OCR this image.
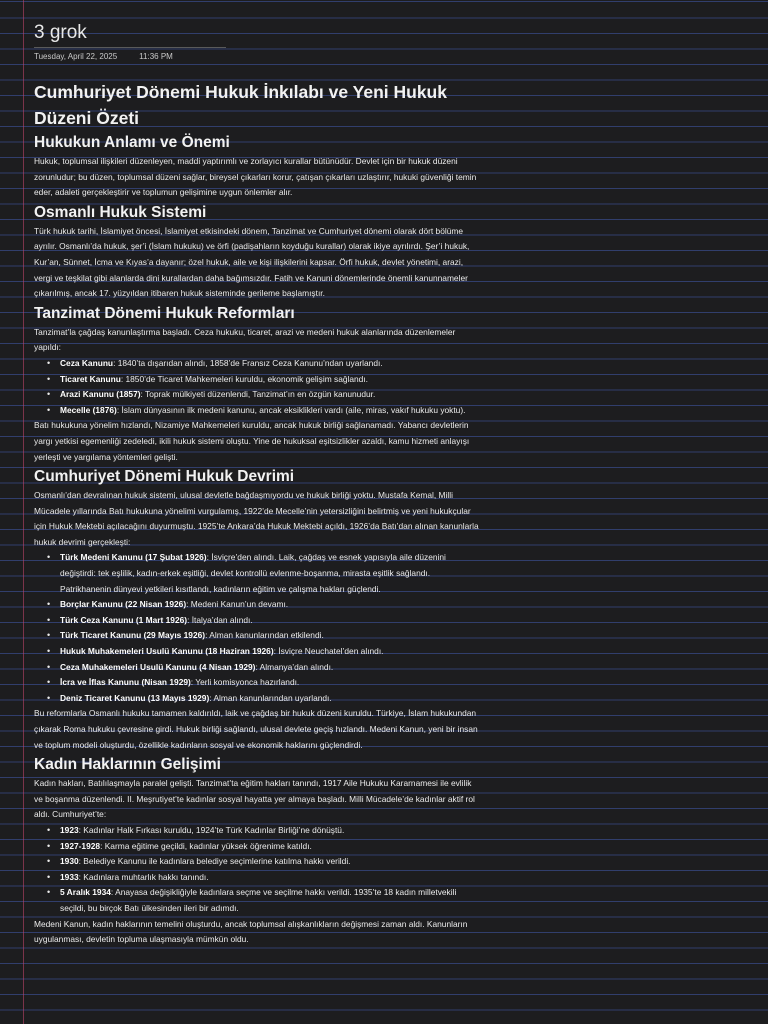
3 grok
Tuesday, April 22, 2025	11:36 PM
Cumhuriyet Dönemi Hukuk İnkılabı ve Yeni Hukuk Düzeni Özeti
Hukukun Anlamı ve Önemi

Hukuk, toplumsal ilişkileri düzenleyen, maddi yaptırımlı ve zorlayıcı kurallar bütünüdür. Devlet için bir hukuk düzeni zorunludur; bu düzen, toplumsal düzeni sağlar, bireysel çıkarları korur, çatışan çıkarları uzlaştırır, hukuki güvenliği temin eder, adaleti gerçekleştirir ve toplumun gelişimine uygun önlemler alır.

Osmanlı Hukuk Sistemi

Türk hukuk tarihi, İslamiyet öncesi, İslamiyet etkisindeki dönem, Tanzimat ve Cumhuriyet dönemi olarak dört bölüme ayrılır. Osmanlı’da hukuk, şer’i (İslam hukuku) ve örfi (padişahların koyduğu kurallar) olarak ikiye ayrılırdı. Şer’i hukuk, Kur’an, Sünnet, İcma ve Kıyas’a dayanır; özel hukuk, aile ve kişi ilişkilerini kapsar. Örfi hukuk, devlet yönetimi, arazi, vergi ve teşkilat gibi alanlarda dini kurallardan daha bağımsızdır. Fatih ve Kanuni dönemlerinde önemli kanunnameler çıkarılmış, ancak 17. yüzyıldan itibaren hukuk sisteminde gerileme başlamıştır.

Tanzimat Dönemi Hukuk Reformları

Tanzimat’la çağdaş kanunlaştırma başladı. Ceza hukuku, ticaret, arazi ve medeni hukuk alanlarında düzenlemeler yapıldı:

• Ceza Kanunu: 1840’ta dışarıdan alındı, 1858’de Fransız Ceza Kanunu’ndan uyarlandı.
• Ticaret Kanunu: 1850’de Ticaret Mahkemeleri kuruldu, ekonomik gelişim sağlandı.
• Arazi Kanunu (1857): Toprak mülkiyeti düzenlendi, Tanzimat’ın en özgün kanunudur.
• Mecelle (1876): İslam dünyasının ilk medeni kanunu, ancak eksiklikleri vardı (aile, miras, vakıf hukuku yoktu).

Batı hukukuna yönelim hızlandı, Nizamiye Mahkemeleri kuruldu, ancak hukuk birliği sağlanamadı. Yabancı devletlerin yargı yetkisi egemenliği zedeledi, ikili hukuk sistemi oluştu. Yine de hukuksal eşitsizlikler azaldı, kamu hizmeti anlayışı yerleşti ve yargılama yöntemleri gelişti.

Cumhuriyet Dönemi Hukuk Devrimi

Osmanlı’dan devralınan hukuk sistemi, ulusal devletle bağdaşmıyordu ve hukuk birliği yoktu. Mustafa Kemal, Milli Mücadele yıllarında Batı hukukuna yönelimi vurgulamış, 1922’de Mecelle’nin yetersizliğini belirtmiş ve yeni hukukçular için Hukuk Mektebi açılacağını duyurmuştu. 1925’te Ankara’da Hukuk Mektebi açıldı, 1926’da Batı’dan alınan kanunlarla hukuk devrimi gerçekleşti:

• Türk Medeni Kanunu (17 Şubat 1926): İsviçre’den alındı. Laik, çağdaş ve esnek yapısıyla aile düzenini değiştirdi: tek eşlilik, kadın-erkek eşitliği, devlet kontrollü evlenme-boşanma, mirasta eşitlik sağlandı. Patrikhanenin dünyevi yetkileri kısıtlandı, kadınların eğitim ve çalışma hakları güçlendi.
• Borçlar Kanunu (22 Nisan 1926): Medeni Kanun’un devamı.
• Türk Ceza Kanunu (1 Mart 1926): İtalya’dan alındı.
• Türk Ticaret Kanunu (29 Mayıs 1926): Alman kanunlarından etkilendi.
• Hukuk Muhakemeleri Usulü Kanunu (18 Haziran 1926): İsviçre Neuchatel’den alındı.
• Ceza Muhakemeleri Usulü Kanunu (4 Nisan 1929): Almanya’dan alındı.
• İcra ve İflas Kanunu (Nisan 1929): Yerli komisyonca hazırlandı.
• Deniz Ticaret Kanunu (13 Mayıs 1929): Alman kanunlarından uyarlandı.

Bu reformlarla Osmanlı hukuku tamamen kaldırıldı, laik ve çağdaş bir hukuk düzeni kuruldu. Türkiye, İslam hukukundan çıkarak Roma hukuku çevresine girdi. Hukuk birliği sağlandı, ulusal devlete geçiş hızlandı. Medeni Kanun, yeni bir insan ve toplum modeli oluşturdu, özellikle kadınların sosyal ve ekonomik haklarını güçlendirdi.

Kadın Haklarının Gelişimi

Kadın hakları, Batılılaşmayla paralel gelişti. Tanzimat’ta eğitim hakları tanındı, 1917 Aile Hukuku Kararnamesi ile evlilik ve boşanma düzenlendi. II. Meşrutiyet’te kadınlar sosyal hayatta yer almaya başladı. Milli Mücadele’de kadınlar aktif rol aldı. Cumhuriyet’te:

• 1923: Kadınlar Halk Fırkası kuruldu, 1924’te Türk Kadınlar Birliği’ne dönüştü.
• 1927-1928: Karma eğitime geçildi, kadınlar yüksek öğrenime katıldı.
• 1930: Belediye Kanunu ile kadınlara belediye seçimlerine katılma hakkı verildi.
• 1933: Kadınlara muhtarlık hakkı tanındı.
• 5 Aralık 1934: Anayasa değişikliğiyle kadınlara seçme ve seçilme hakkı verildi. 1935’te 18 kadın milletvekili seçildi, bu birçok Batı ülkesinden ileri bir adımdı.

Medeni Kanun, kadın haklarının temelini oluşturdu, ancak toplumsal alışkanlıkların değişmesi zaman aldı. Kanunların uygulanması, devletin topluma ulaşmasıyla mümkün oldu.
